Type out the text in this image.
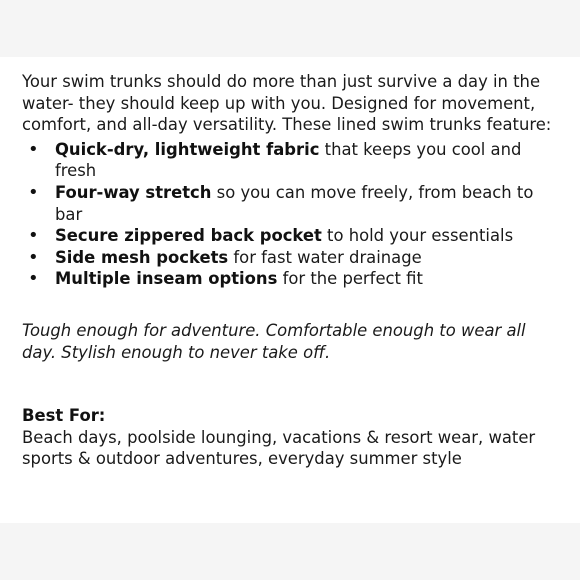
Your swim trunks should do more than just survive a day in the water- they should keep up with you. Designed for movement, comfort, and all-day versatility. These lined swim trunks feature:

• Quick-dry, lightweight fabric that keeps you cool and fresh
• Four-way stretch so you can move freely, from beach to bar
• Secure zippered back pocket to hold your essentials
• Side mesh pockets for fast water drainage
• Multiple inseam options for the perfect fit

Tough enough for adventure. Comfortable enough to wear all day. Stylish enough to never take off.

Best For:

Beach days, poolside lounging, vacations & resort wear, water sports & outdoor adventures, everyday summer style
